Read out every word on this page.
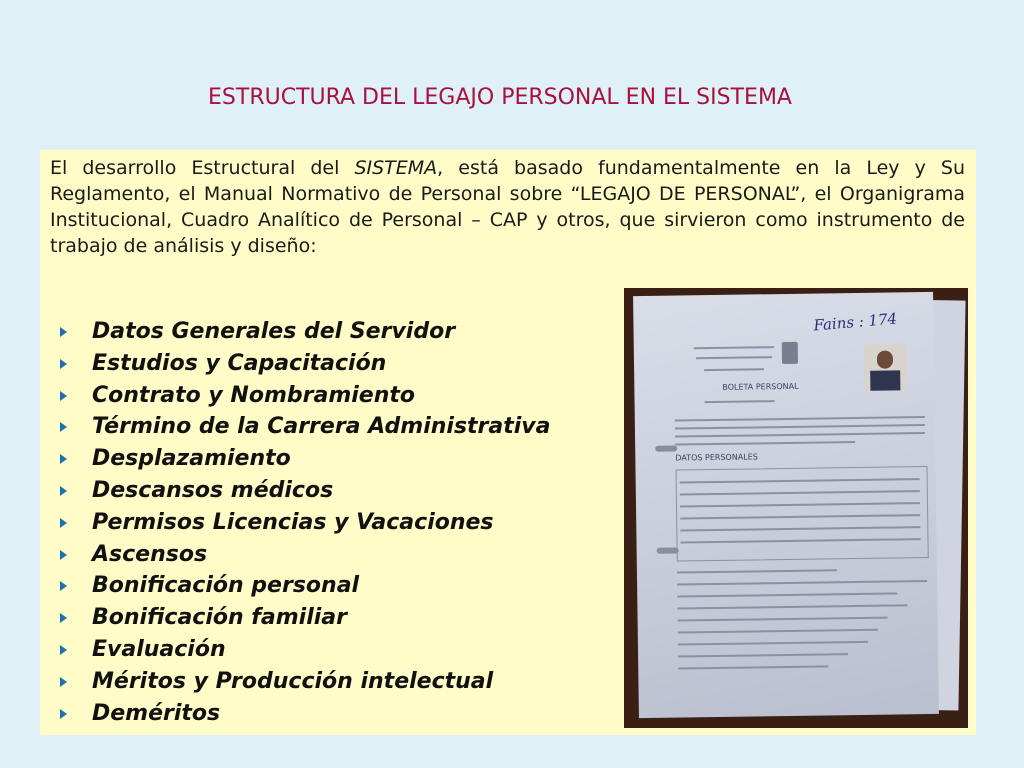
ESTRUCTURA DEL LEGAJO PERSONAL EN EL SISTEMA

El desarrollo Estructural del SISTEMA, está basado fundamentalmente en la Ley y Su Reglamento, el Manual Normativo de Personal sobre “LEGAJO DE PERSONAL”, el Organigrama Institucional, Cuadro Analítico de Personal – CAP y otros, que sirvieron como instrumento de trabajo de análisis y diseño:

Datos Generales del Servidor
Estudios y Capacitación
Contrato y Nombramiento
Término de la Carrera Administrativa
Desplazamiento
Descansos médicos
Permisos Licencias y Vacaciones
Ascensos
Bonificación personal
Bonificación familiar
Evaluación
Méritos y Producción intelectual
Deméritos
Fains : 174
BOLETA PERSONAL
DATOS PERSONALES
